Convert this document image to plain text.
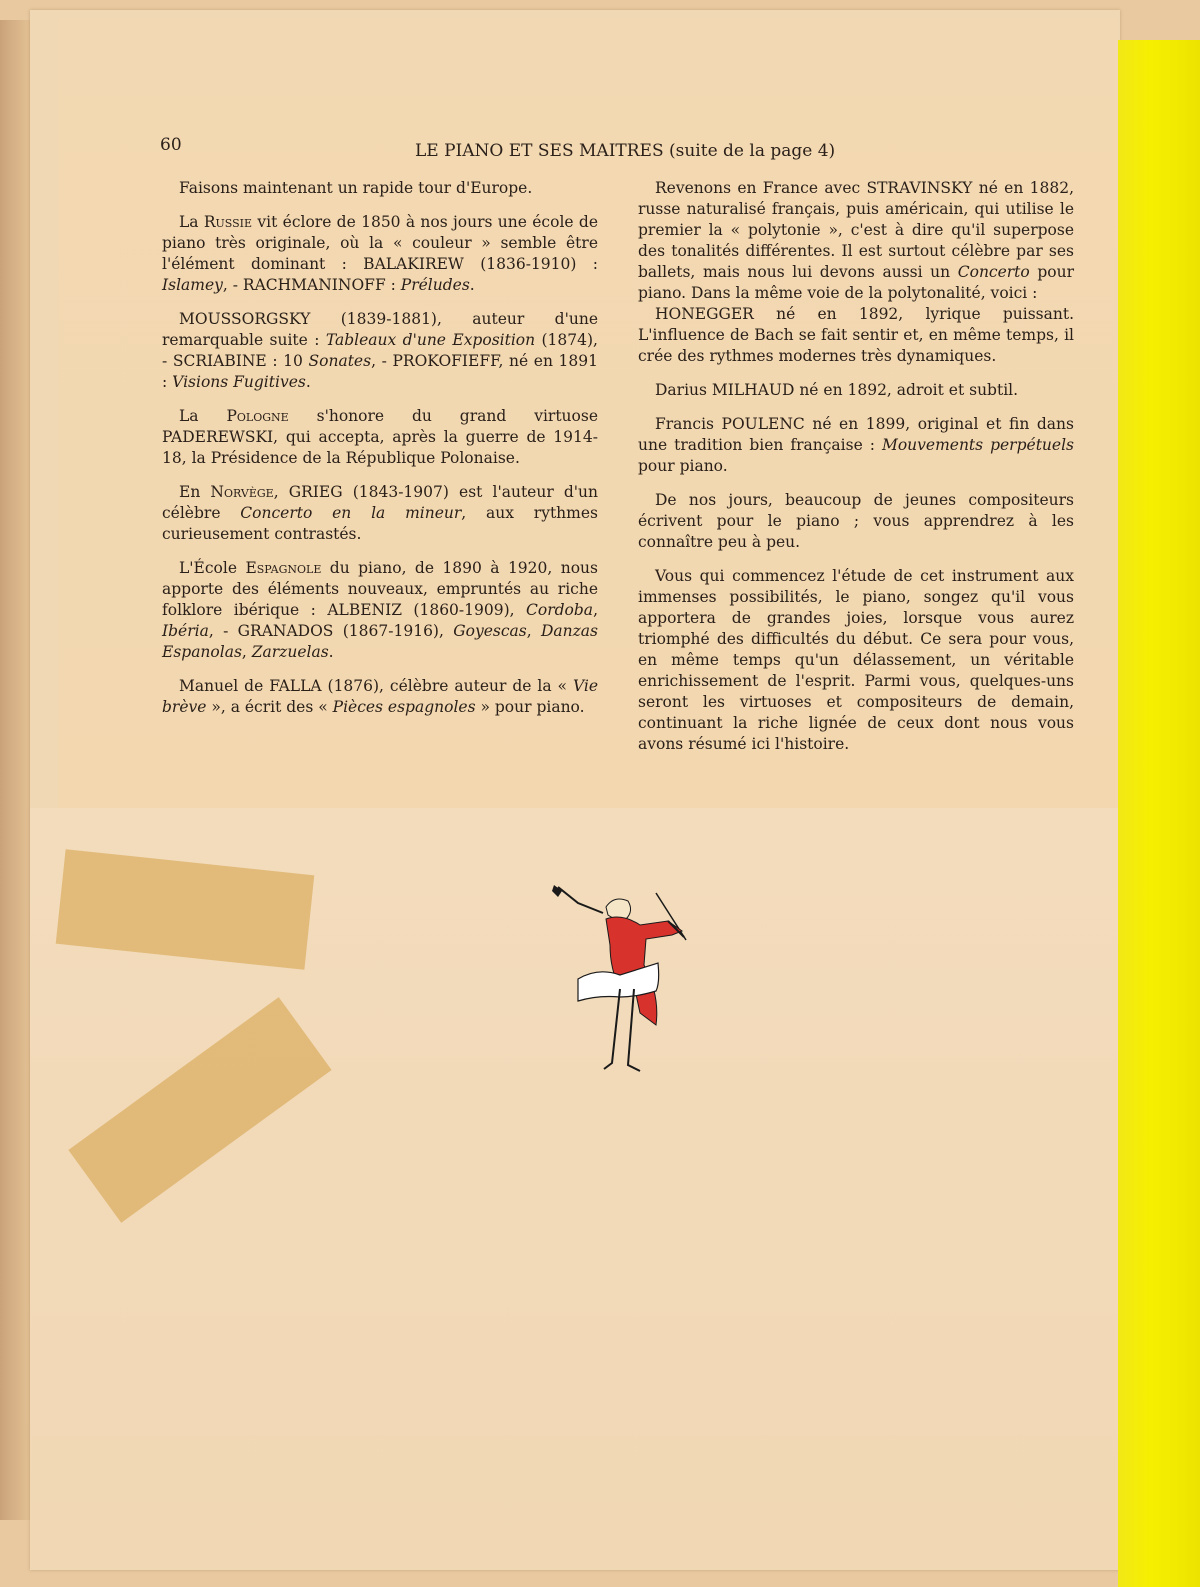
60	LE PIANO ET SES MAITRES (suite de la page 4)

Faisons maintenant un rapide tour d'Europe.

La Russie vit éclore de 1850 à nos jours une école de piano très originale, où la « couleur » semble être l'élément dominant : BALAKIREW (1836-1910) : Islamey, - RACHMANINOFF : Préludes.

MOUSSORGSKY (1839-1881), auteur d'une remarquable suite : Tableaux d'une Exposition (1874), - SCRIABINE : 10 Sonates, - PROKOFIEFF, né en 1891 : Visions Fugitives.

La Pologne s'honore du grand virtuose PADEREWSKI, qui accepta, après la guerre de 1914-18, la Présidence de la République Polonaise.

En Norvège, GRIEG (1843-1907) est l'auteur d'un célèbre Concerto en la mineur, aux rythmes curieusement contrastés.

L'École Espagnole du piano, de 1890 à 1920, nous apporte des éléments nouveaux, empruntés au riche folklore ibérique : ALBENIZ (1860-1909), Cordoba, Ibéria, - GRANADOS (1867-1916), Goyescas, Danzas Espanolas, Zarzuelas.

Manuel de FALLA (1876), célèbre auteur de la « Vie brève », a écrit des « Pièces espagnoles » pour piano.

Revenons en France avec STRAVINSKY né en 1882, russe naturalisé français, puis américain, qui utilise le premier la « polytonie », c'est à dire qu'il superpose des tonalités différentes. Il est surtout célèbre par ses ballets, mais nous lui devons aussi un Concerto pour piano. Dans la même voie de la polytonalité, voici :

HONEGGER né en 1892, lyrique puissant. L'influence de Bach se fait sentir et, en même temps, il crée des rythmes modernes très dynamiques.

Darius MILHAUD né en 1892, adroit et subtil.

Francis POULENC né en 1899, original et fin dans une tradition bien française : Mouvements perpétuels pour piano.

De nos jours, beaucoup de jeunes compositeurs écrivent pour le piano ; vous apprendrez à les connaître peu à peu.

Vous qui commencez l'étude de cet instrument aux immenses possibilités, le piano, songez qu'il vous apportera de grandes joies, lorsque vous aurez triomphé des difficultés du début. Ce sera pour vous, en même temps qu'un délassement, un véritable enrichissement de l'esprit. Parmi vous, quelques-uns seront les virtuoses et compositeurs de demain, continuant la riche lignée de ceux dont nous vous avons résumé ici l'histoire.
